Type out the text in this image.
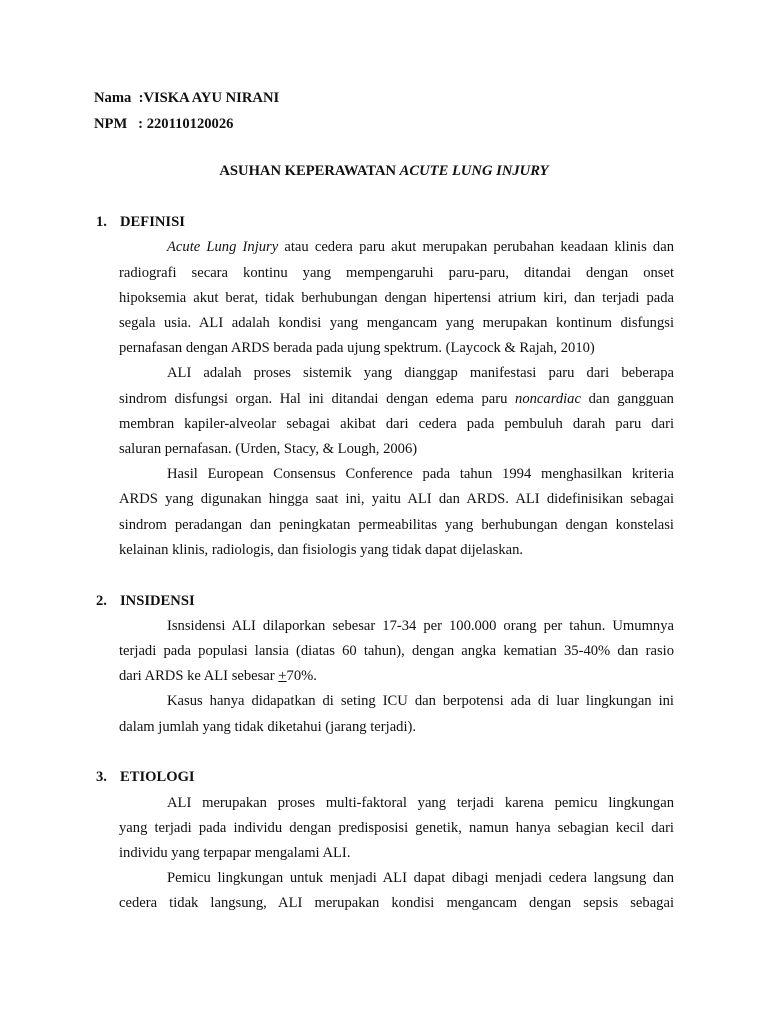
Nama  :VISKA AYU NIRANI
NPM   : 220110120026
ASUHAN KEPERAWATAN ACUTE LUNG INJURY
1. DEFINISI
Acute Lung Injury atau cedera paru akut merupakan perubahan keadaan klinis dan
radiografi secara kontinu yang mempengaruhi paru-paru, ditandai dengan onset
hipoksemia akut berat, tidak berhubungan dengan hipertensi atrium kiri, dan terjadi pada
segala usia. ALI adalah kondisi yang mengancam yang merupakan kontinum disfungsi
pernafasan dengan ARDS berada pada ujung spektrum. (Laycock & Rajah, 2010)
ALI adalah proses sistemik yang dianggap manifestasi paru dari beberapa
sindrom disfungsi organ. Hal ini ditandai dengan edema paru noncardiac dan gangguan
membran kapiler-alveolar sebagai akibat dari cedera pada pembuluh darah paru dari
saluran pernafasan. (Urden, Stacy, & Lough, 2006)
Hasil European Consensus Conference pada tahun 1994 menghasilkan kriteria
ARDS yang digunakan hingga saat ini, yaitu ALI dan ARDS. ALI didefinisikan sebagai
sindrom peradangan dan peningkatan permeabilitas yang berhubungan dengan konstelasi
kelainan klinis, radiologis, dan fisiologis yang tidak dapat dijelaskan.
2. INSIDENSI
Isnsidensi ALI dilaporkan sebesar 17-34 per 100.000 orang per tahun. Umumnya
terjadi pada populasi lansia (diatas 60 tahun), dengan angka kematian 35-40% dan rasio
dari ARDS ke ALI sebesar +70%.
Kasus hanya didapatkan di seting ICU dan berpotensi ada di luar lingkungan ini
dalam jumlah yang tidak diketahui (jarang terjadi).
3. ETIOLOGI
ALI merupakan proses multi-faktoral yang terjadi karena pemicu lingkungan
yang terjadi pada individu dengan predisposisi genetik, namun hanya sebagian kecil dari
individu yang terpapar mengalami ALI.
Pemicu lingkungan untuk menjadi ALI dapat dibagi menjadi cedera langsung dan
cedera tidak langsung, ALI merupakan kondisi mengancam dengan sepsis sebagai
